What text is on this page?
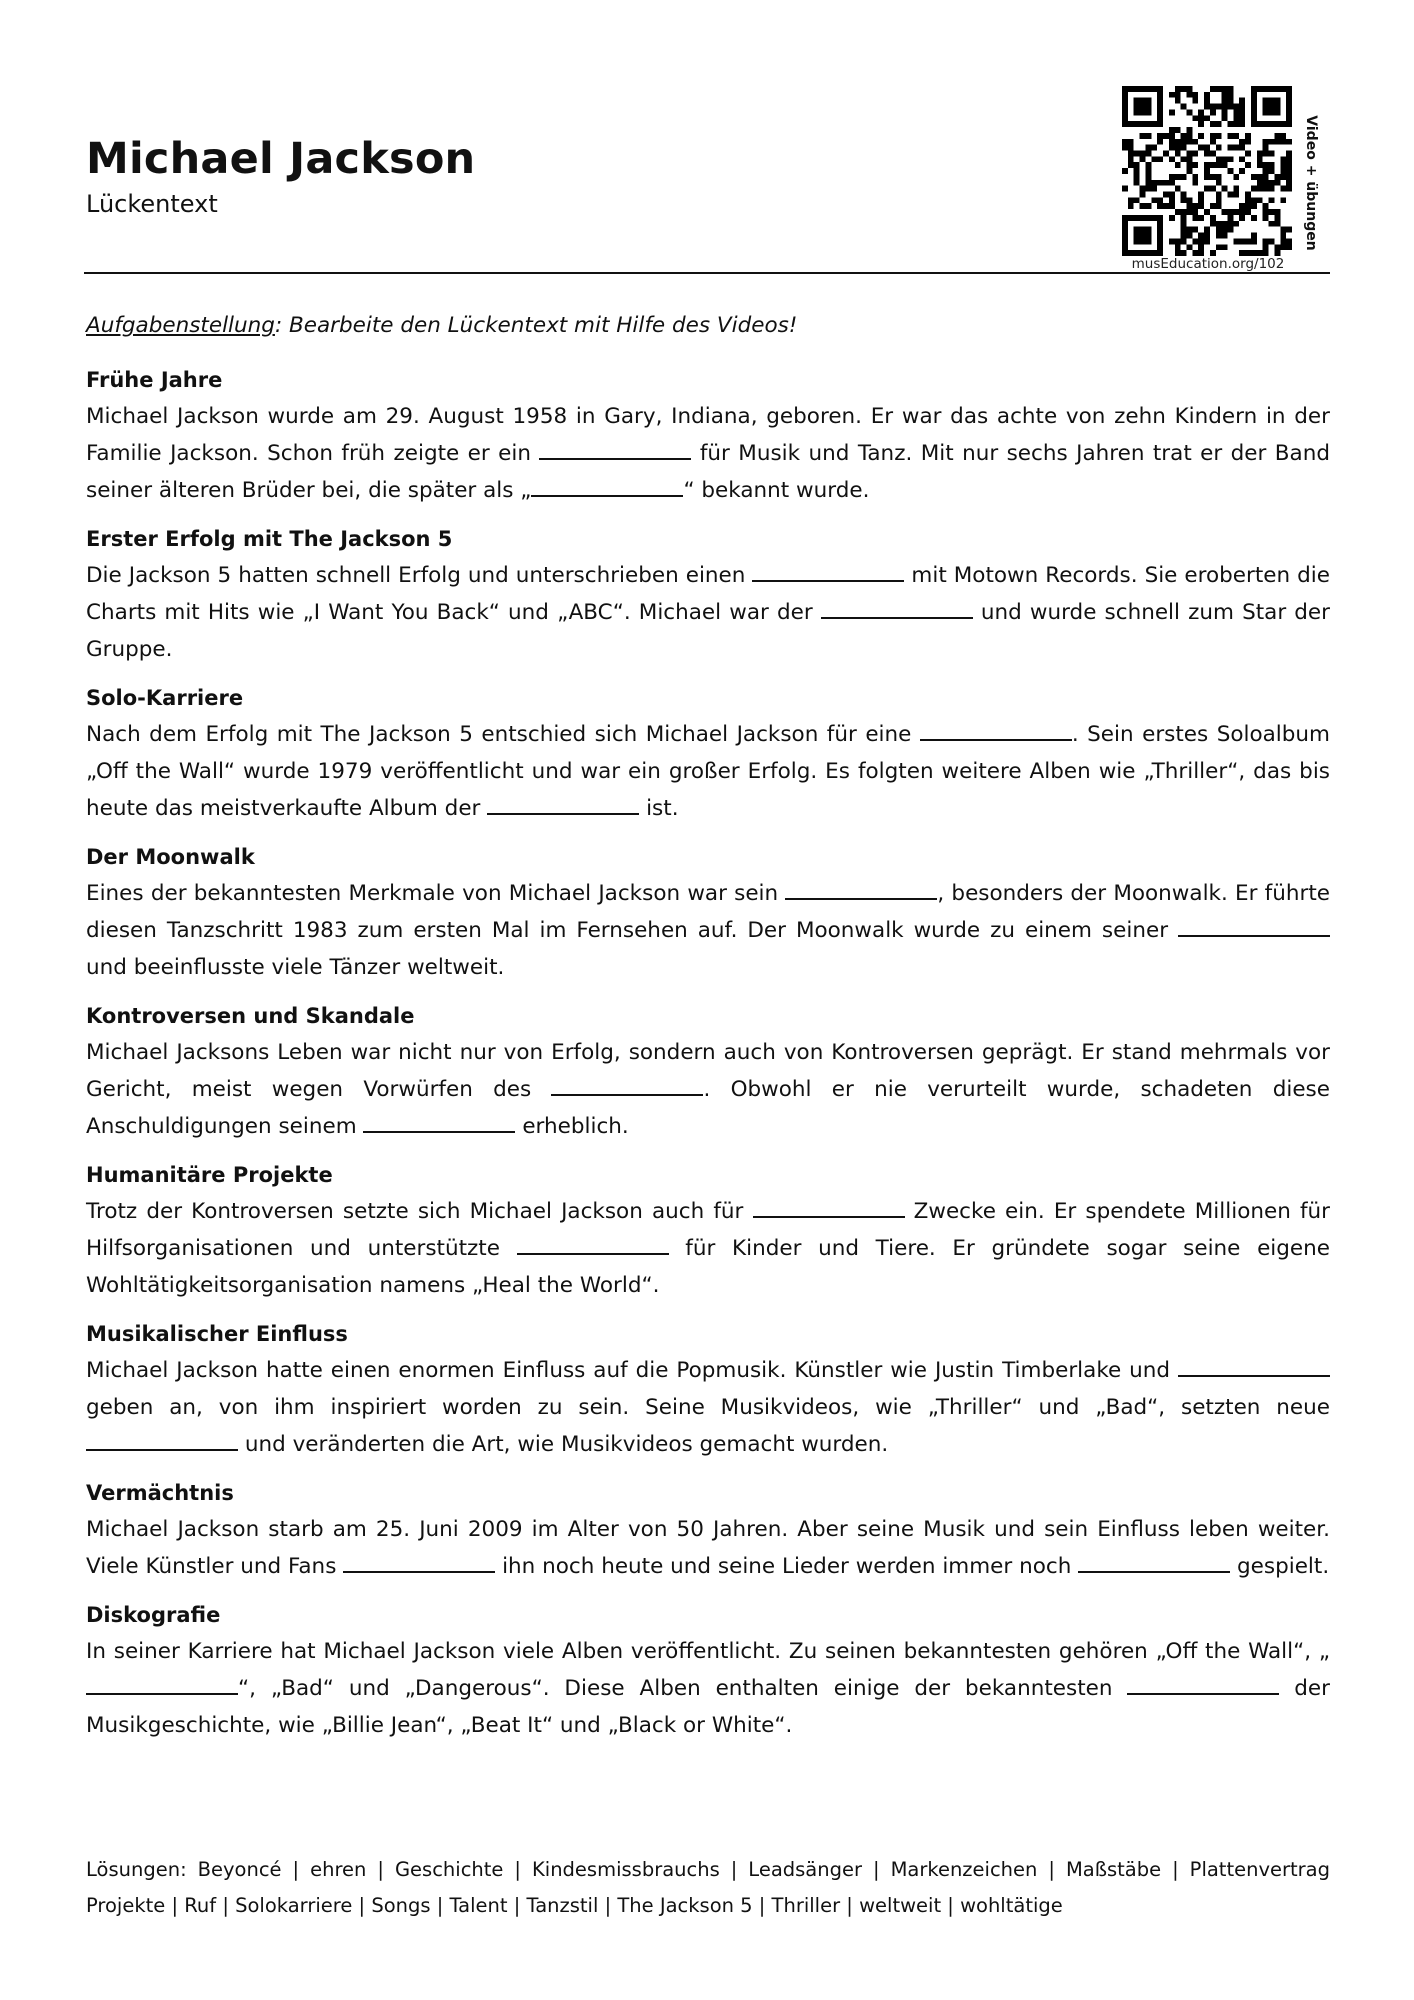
Michael Jackson
Lückentext	Video + übungen
musEducation.org/102

Aufgabenstellung: Bearbeite den Lückentext mit Hilfe des Videos!

Frühe Jahre

Michael Jackson wurde am 29. August 1958 in Gary, Indiana, geboren. Er war das achte von zehn Kindern in der Familie Jackson. Schon früh zeigte er ein	für Musik und Tanz. Mit nur sechs Jahren trat er der Band seiner älteren Brüder bei, die später als „	“ bekannt wurde.

Erster Erfolg mit The Jackson 5

Die Jackson 5 hatten schnell Erfolg und unterschrieben einen	mit Motown Records. Sie eroberten die Charts mit Hits wie „I Want You Back“ und „ABC“. Michael war der	und wurde schnell zum Star der Gruppe.

Solo-Karriere

Nach dem Erfolg mit The Jackson 5 entschied sich Michael Jackson für eine	. Sein erstes Soloalbum „Off the Wall“ wurde 1979 veröffentlicht und war ein großer Erfolg. Es folgten weitere Alben wie „Thriller“, das bis heute das meistverkaufte Album der	ist.

Der Moonwalk

Eines der bekanntesten Merkmale von Michael Jackson war sein	, besonders der Moonwalk. Er führte diesen Tanzschritt 1983 zum ersten Mal im Fernsehen auf. Der Moonwalk wurde zu einem seiner  und beeinflusste viele Tänzer weltweit.

Kontroversen und Skandale

Michael Jacksons Leben war nicht nur von Erfolg, sondern auch von Kontroversen geprägt. Er stand mehrmals vor Gericht, meist wegen Vorwürfen des	. Obwohl er nie verurteilt wurde, schadeten diese Anschuldigungen seinem	erheblich.

Humanitäre Projekte

Trotz der Kontroversen setzte sich Michael Jackson auch für	Zwecke ein. Er spendete Millionen für Hilfsorganisationen und unterstützte	für Kinder und Tiere. Er gründete sogar seine eigene Wohltätigkeitsorganisation namens „Heal the World“.

Musikalischer Einfluss

Michael Jackson hatte einen enormen Einfluss auf die Popmusik. Künstler wie Justin Timberlake und  geben an, von ihm inspiriert worden zu sein. Seine Musikvideos, wie „Thriller“ und „Bad“, setzten neue  und veränderten die Art, wie Musikvideos gemacht wurden.

Vermächtnis

Michael Jackson starb am 25. Juni 2009 im Alter von 50 Jahren. Aber seine Musik und sein Einfluss leben weiter. Viele Künstler und Fans	ihn noch heute und seine Lieder werden immer noch	gespielt.

Diskografie

In seiner Karriere hat Michael Jackson viele Alben veröffentlicht. Zu seinen bekanntesten gehören „Off the Wall“, „“, „Bad“ und „Dangerous“. Diese Alben enthalten einige der bekanntesten	der Musikgeschichte, wie „Billie Jean“, „Beat It“ und „Black or White“.

Lösungen: Beyoncé | ehren | Geschichte | Kindesmissbrauchs | Leadsänger | Markenzeichen | Maßstäbe | Plattenvertrag Projekte | Ruf | Solokarriere | Songs | Talent | Tanzstil | The Jackson 5 | Thriller | weltweit | wohltätige
